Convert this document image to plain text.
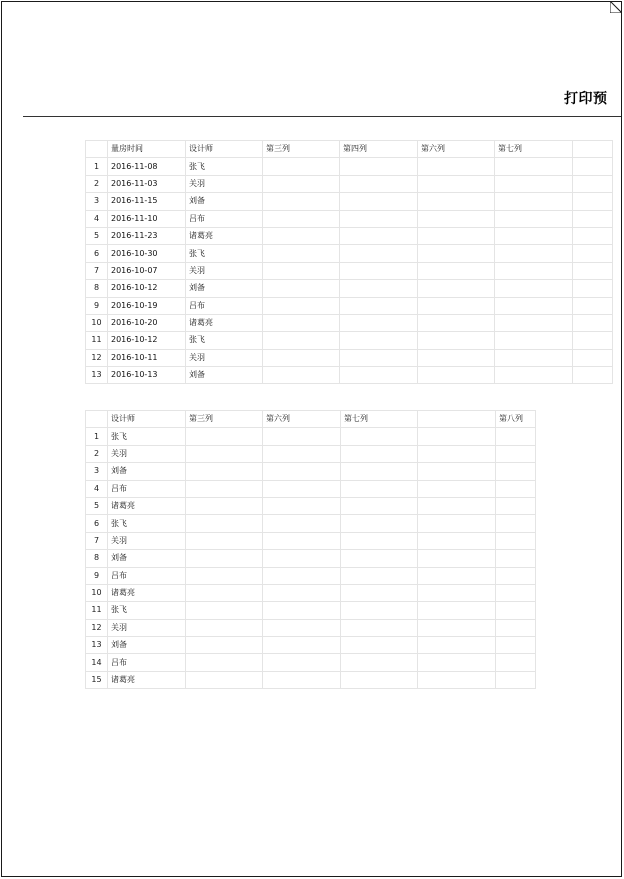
打印预
	量房时间	设计师	第三列	第四列	第六列	第七列	
1	2016-11-08	张飞					
2	2016-11-03	关羽					
3	2016-11-15	刘备					
4	2016-11-10	吕布					
5	2016-11-23	诸葛亮					
6	2016-10-30	张飞					
7	2016-10-07	关羽					
8	2016-10-12	刘备					
9	2016-10-19	吕布					
10	2016-10-20	诸葛亮					
11	2016-10-12	张飞					
12	2016-10-11	关羽					
13	2016-10-13	刘备					
	设计师	第三列	第六列	第七列		第八列
1	张飞					
2	关羽					
3	刘备					
4	吕布					
5	诸葛亮					
6	张飞					
7	关羽					
8	刘备					
9	吕布					
10	诸葛亮					
11	张飞					
12	关羽					
13	刘备					
14	吕布					
15	诸葛亮					
